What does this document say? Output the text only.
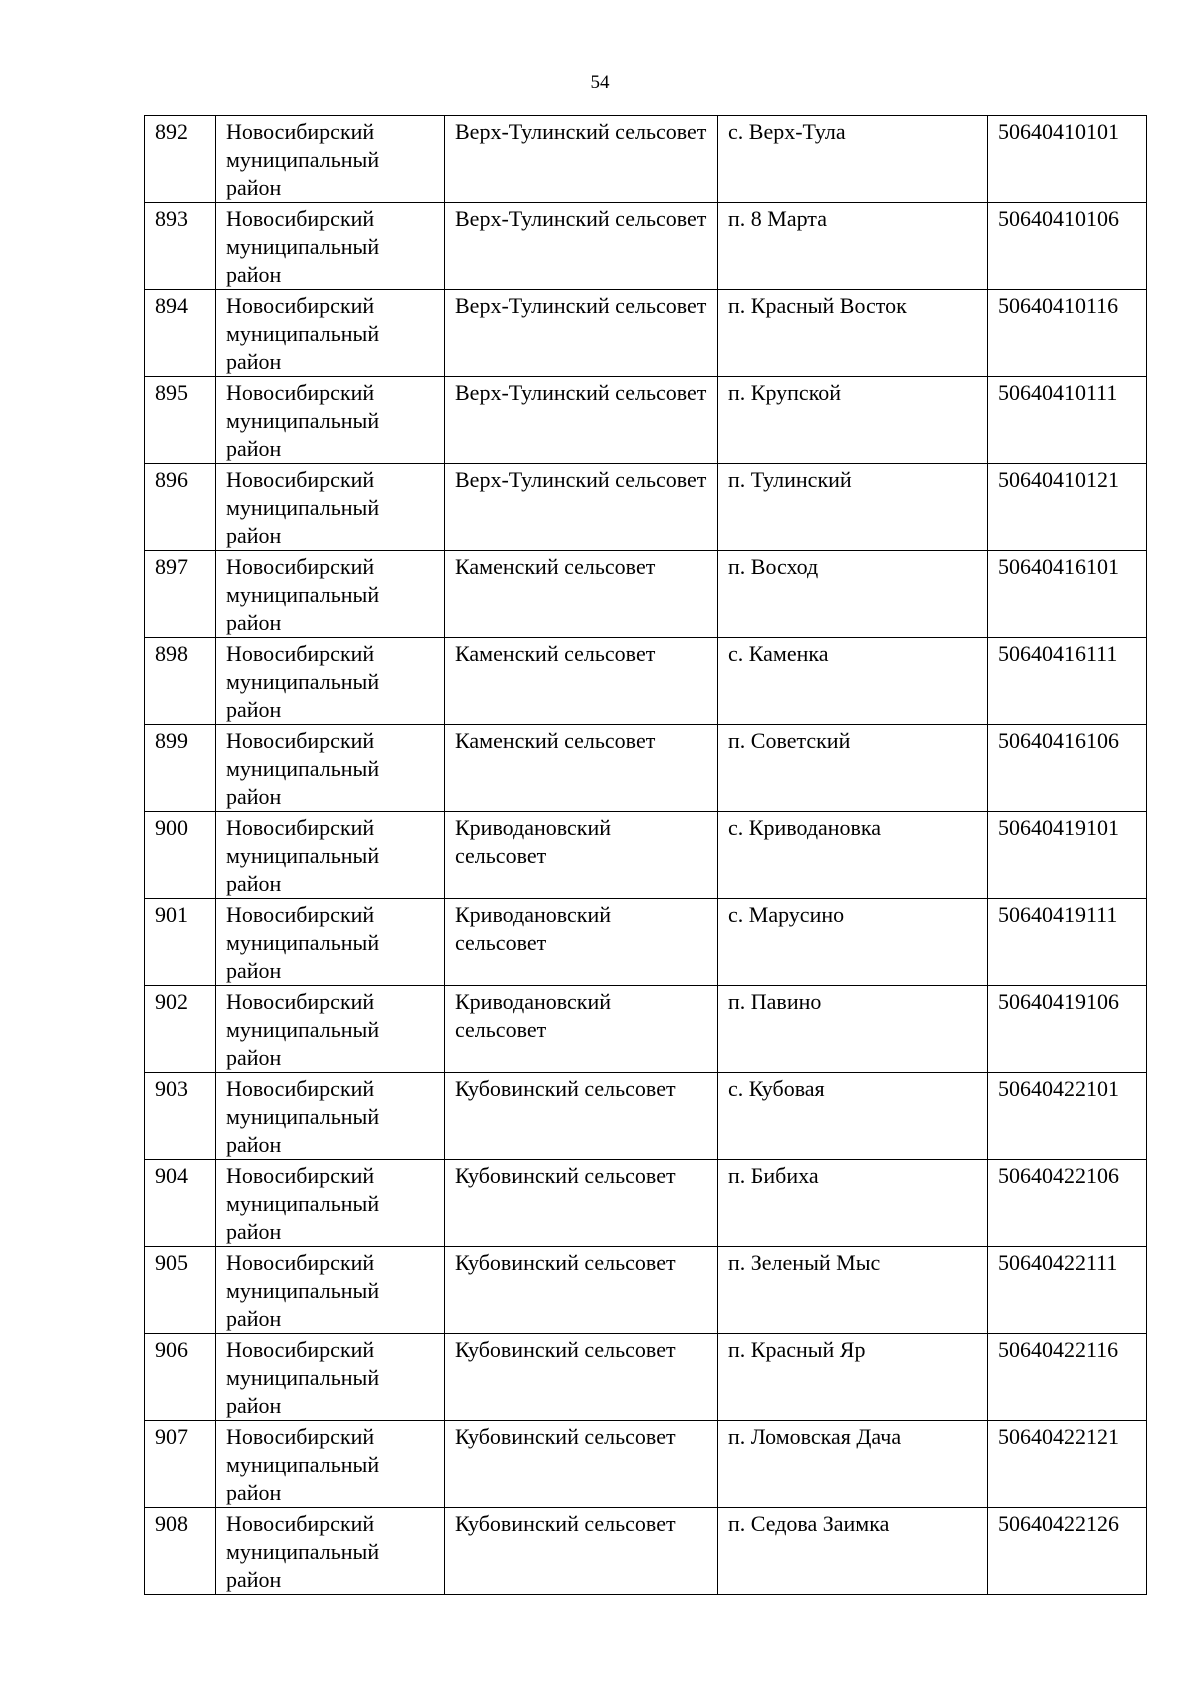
54
892	Новосибирский муниципальный район	Верх-Тулинский сельсовет	с. Верх-Тула	50640410101
893	Новосибирский муниципальный район	Верх-Тулинский сельсовет	п. 8 Марта	50640410106
894	Новосибирский муниципальный район	Верх-Тулинский сельсовет	п. Красный Восток	50640410116
895	Новосибирский муниципальный район	Верх-Тулинский сельсовет	п. Крупской	50640410111
896	Новосибирский муниципальный район	Верх-Тулинский сельсовет	п. Тулинский	50640410121
897	Новосибирский муниципальный район	Каменский сельсовет	п. Восход	50640416101
898	Новосибирский муниципальный район	Каменский сельсовет	с. Каменка	50640416111
899	Новосибирский муниципальный район	Каменский сельсовет	п. Советский	50640416106
900	Новосибирский муниципальный район	Криводановский сельсовет	с. Криводановка	50640419101
901	Новосибирский муниципальный район	Криводановский сельсовет	с. Марусино	50640419111
902	Новосибирский муниципальный район	Криводановский сельсовет	п. Павино	50640419106
903	Новосибирский муниципальный район	Кубовинский сельсовет	с. Кубовая	50640422101
904	Новосибирский муниципальный район	Кубовинский сельсовет	п. Бибиха	50640422106
905	Новосибирский муниципальный район	Кубовинский сельсовет	п. Зеленый Мыс	50640422111
906	Новосибирский муниципальный район	Кубовинский сельсовет	п. Красный Яр	50640422116
907	Новосибирский муниципальный район	Кубовинский сельсовет	п. Ломовская Дача	50640422121
908	Новосибирский муниципальный район	Кубовинский сельсовет	п. Седова Заимка	50640422126
